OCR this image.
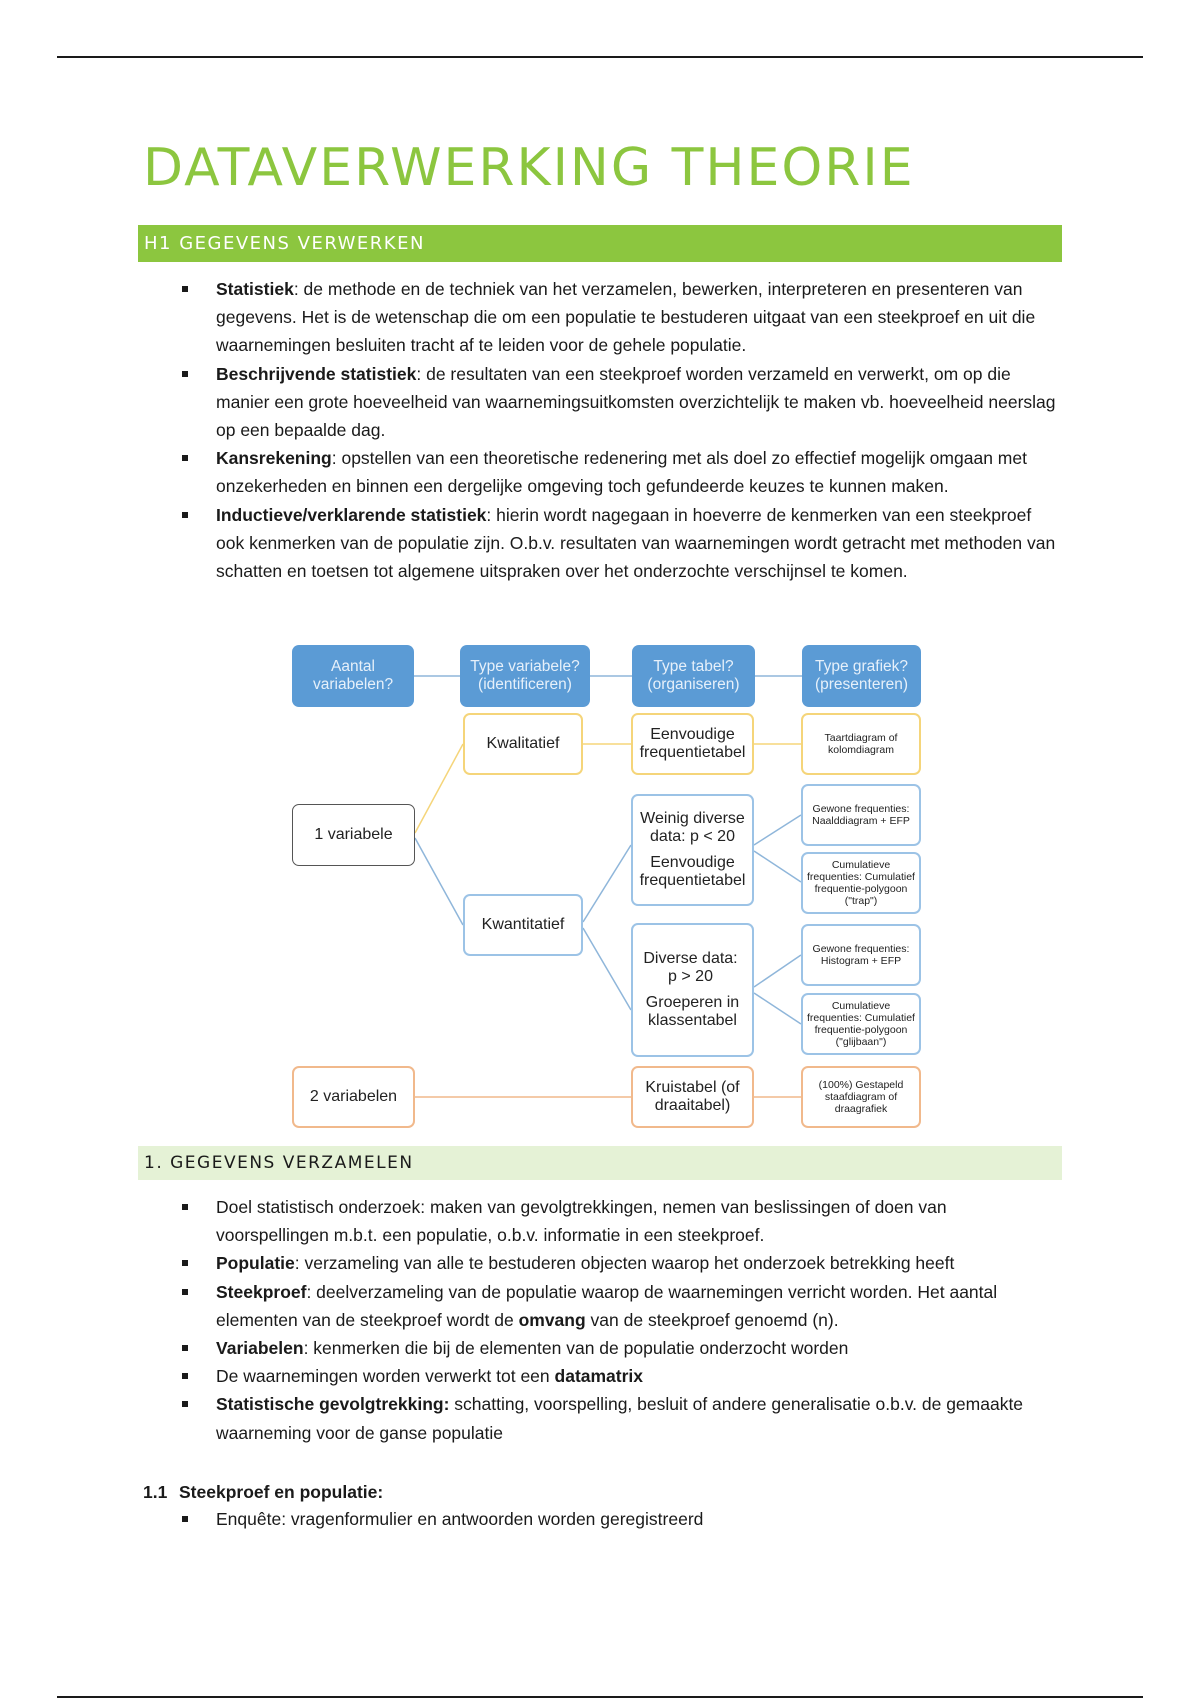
DATAVERWERKING THEORIE
H1 GEGEVENS VERWERKEN
Statistiek: de methode en de techniek van het verzamelen, bewerken, interpreteren en presenteren van gegevens. Het is de wetenschap die om een populatie te bestuderen uitgaat van een steekproef en uit die waarnemingen besluiten tracht af te leiden voor de gehele populatie.
Beschrijvende statistiek: de resultaten van een steekproef worden verzameld en verwerkt, om op die manier een grote hoeveelheid van waarnemingsuitkomsten overzichtelijk te maken vb. hoeveelheid neerslag op een bepaalde dag.
Kansrekening: opstellen van een theoretische redenering met als doel zo effectief mogelijk omgaan met onzekerheden en binnen een dergelijke omgeving toch gefundeerde keuzes te kunnen maken.
Inductieve/verklarende statistiek: hierin wordt nagegaan in hoeverre de kenmerken van een steekproef ook kenmerken van de populatie zijn. O.b.v. resultaten van waarnemingen wordt getracht met methoden van schatten en toetsen tot algemene uitspraken over het onderzochte verschijnsel te komen.
Aantal variabelen?
Type variabele? (identificeren)
Type tabel? (organiseren)
Type grafiek? (presenteren)
1 variabele
2 variabelen
Kwalitatief
Kwantitatief
Eenvoudige frequentietabel
Weinig diverse data: p < 20
Eenvoudige frequentietabel
Diverse data: p > 20
Groeperen in klassentabel
Kruistabel (of draaitabel)
Taartdiagram of kolomdiagram
Gewone frequenties: Naalddiagram + EFP
Cumulatieve frequenties: Cumulatief frequentie-polygoon ("trap")
Gewone frequenties: Histogram + EFP
Cumulatieve frequenties: Cumulatief frequentie-polygoon ("glijbaan")
(100%) Gestapeld staafdiagram of draagrafiek
1. GEGEVENS VERZAMELEN
Doel statistisch onderzoek: maken van gevolgtrekkingen, nemen van beslissingen of doen van voorspellingen m.b.t. een populatie, o.b.v. informatie in een steekproef.
Populatie: verzameling van alle te bestuderen objecten waarop het onderzoek betrekking heeft
Steekproef: deelverzameling van de populatie waarop de waarnemingen verricht worden. Het aantal elementen van de steekproef wordt de omvang van de steekproef genoemd (n).
Variabelen: kenmerken die bij de elementen van de populatie onderzocht worden
De waarnemingen worden verwerkt tot een datamatrix
Statistische gevolgtrekking: schatting, voorspelling, besluit of andere generalisatie o.b.v. de gemaakte waarneming voor de ganse populatie
1.1 Steekproef en populatie:
Enquête: vragenformulier en antwoorden worden geregistreerd
